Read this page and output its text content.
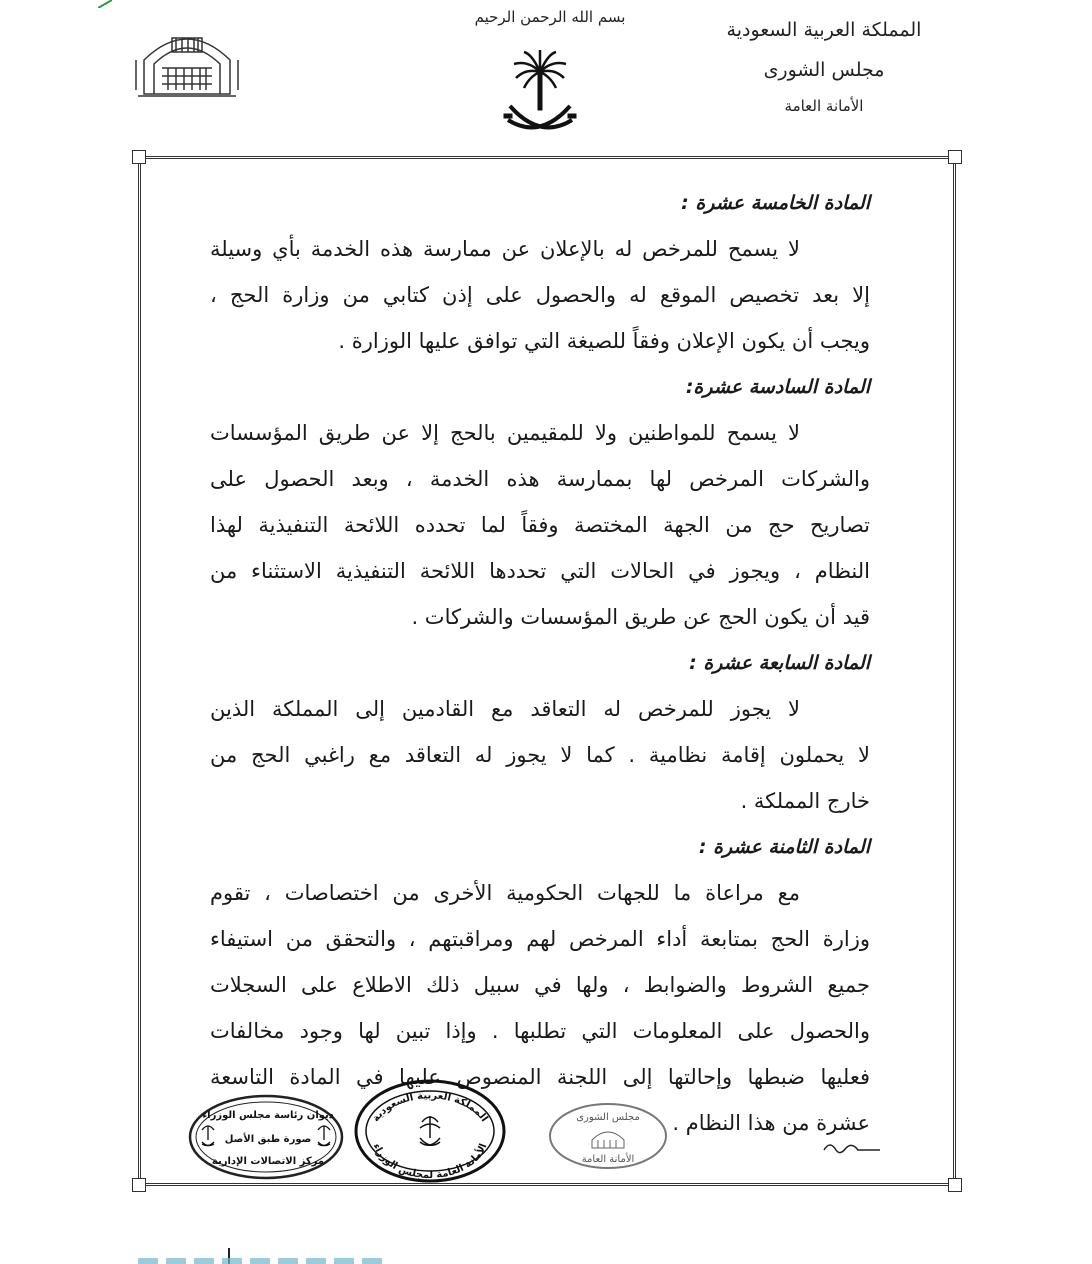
المملكة العربية السعودية
مجلس الشورى
الأمانة العامة
بسم الله الرحمن الرحيم
المادة الخامسة عشرة :
لا يسمح للمرخص له بالإعلان عن ممارسة هذه الخدمة بأي وسيلة
إلا بعد تخصيص الموقع له والحصول على إذن كتابي من وزارة الحج ،
ويجب أن يكون الإعلان وفقاً للصيغة التي توافق عليها الوزارة .
المادة السادسة عشرة:
لا يسمح للمواطنين ولا للمقيمين بالحج إلا عن طريق المؤسسات
والشركات المرخص لها بممارسة هذه الخدمة ، وبعد الحصول على
تصاريح حج من الجهة المختصة وفقاً لما تحدده اللائحة التنفيذية لهذا
النظام ، ويجوز في الحالات التي تحددها اللائحة التنفيذية الاستثناء من
قيد أن يكون الحج عن طريق المؤسسات والشركات .
المادة السابعة عشرة :
لا يجوز للمرخص له التعاقد مع القادمين إلى المملكة الذين
لا يحملون إقامة نظامية . كما لا يجوز له التعاقد مع راغبي الحج من
خارج المملكة .
المادة الثامنة عشرة :
مع مراعاة ما للجهات الحكومية الأخرى من اختصاصات ، تقوم
وزارة الحج بمتابعة أداء المرخص لهم ومراقبتهم ، والتحقق من استيفاء
جميع الشروط والضوابط ، ولها في سبيل ذلك الاطلاع على السجلات
والحصول على المعلومات التي تطلبها . وإذا تبين لها وجود مخالفات
فعليها ضبطها وإحالتها إلى اللجنة المنصوص عليها في المادة التاسعة
عشرة من هذا النظام .
ديوان رئاسة مجلس الوزراء
صورة طبق الأصل
مركز الاتصالات الإدارية
المملكة العربية السعودية
الأمانة العامة لمجلس الوزراء
مجلس الشورى
الأمانة العامة
